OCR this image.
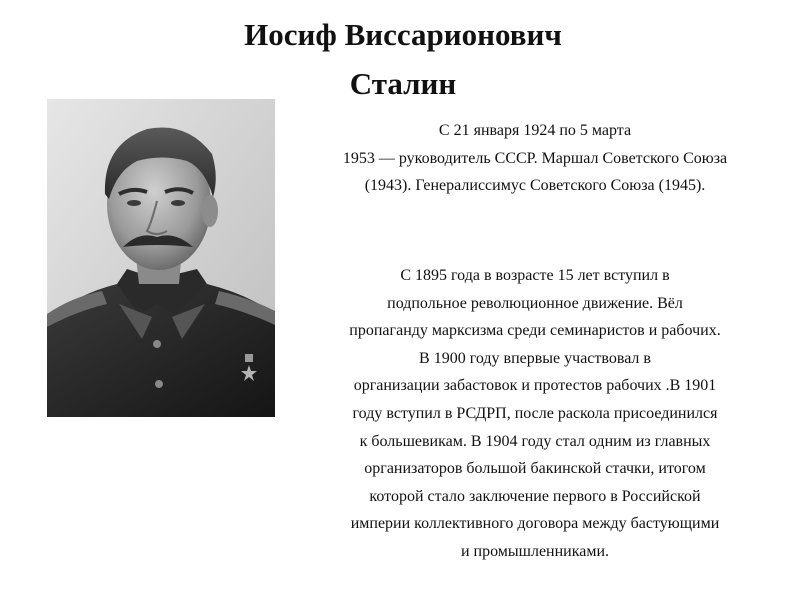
Иосиф Виссарионович
Сталин
С 21 января 1924 по 5 марта
1953 — руководитель СССР. Маршал Советского Союза
(1943). Генералиссимус Советского Союза (1945).
С 1895 года в возрасте 15 лет вступил в
подпольное революционное движение. Вёл
пропаганду марксизма среди семинаристов и рабочих.
В 1900 году впервые участвовал в
организации забастовок и протестов рабочих .В 1901
году вступил в РСДРП, после раскола присоединился
к большевикам. В 1904 году стал одним из главных
организаторов большой бакинской стачки, итогом
которой стало заключение первого в Российской
империи коллективного договора между бастующими
и промышленниками.
